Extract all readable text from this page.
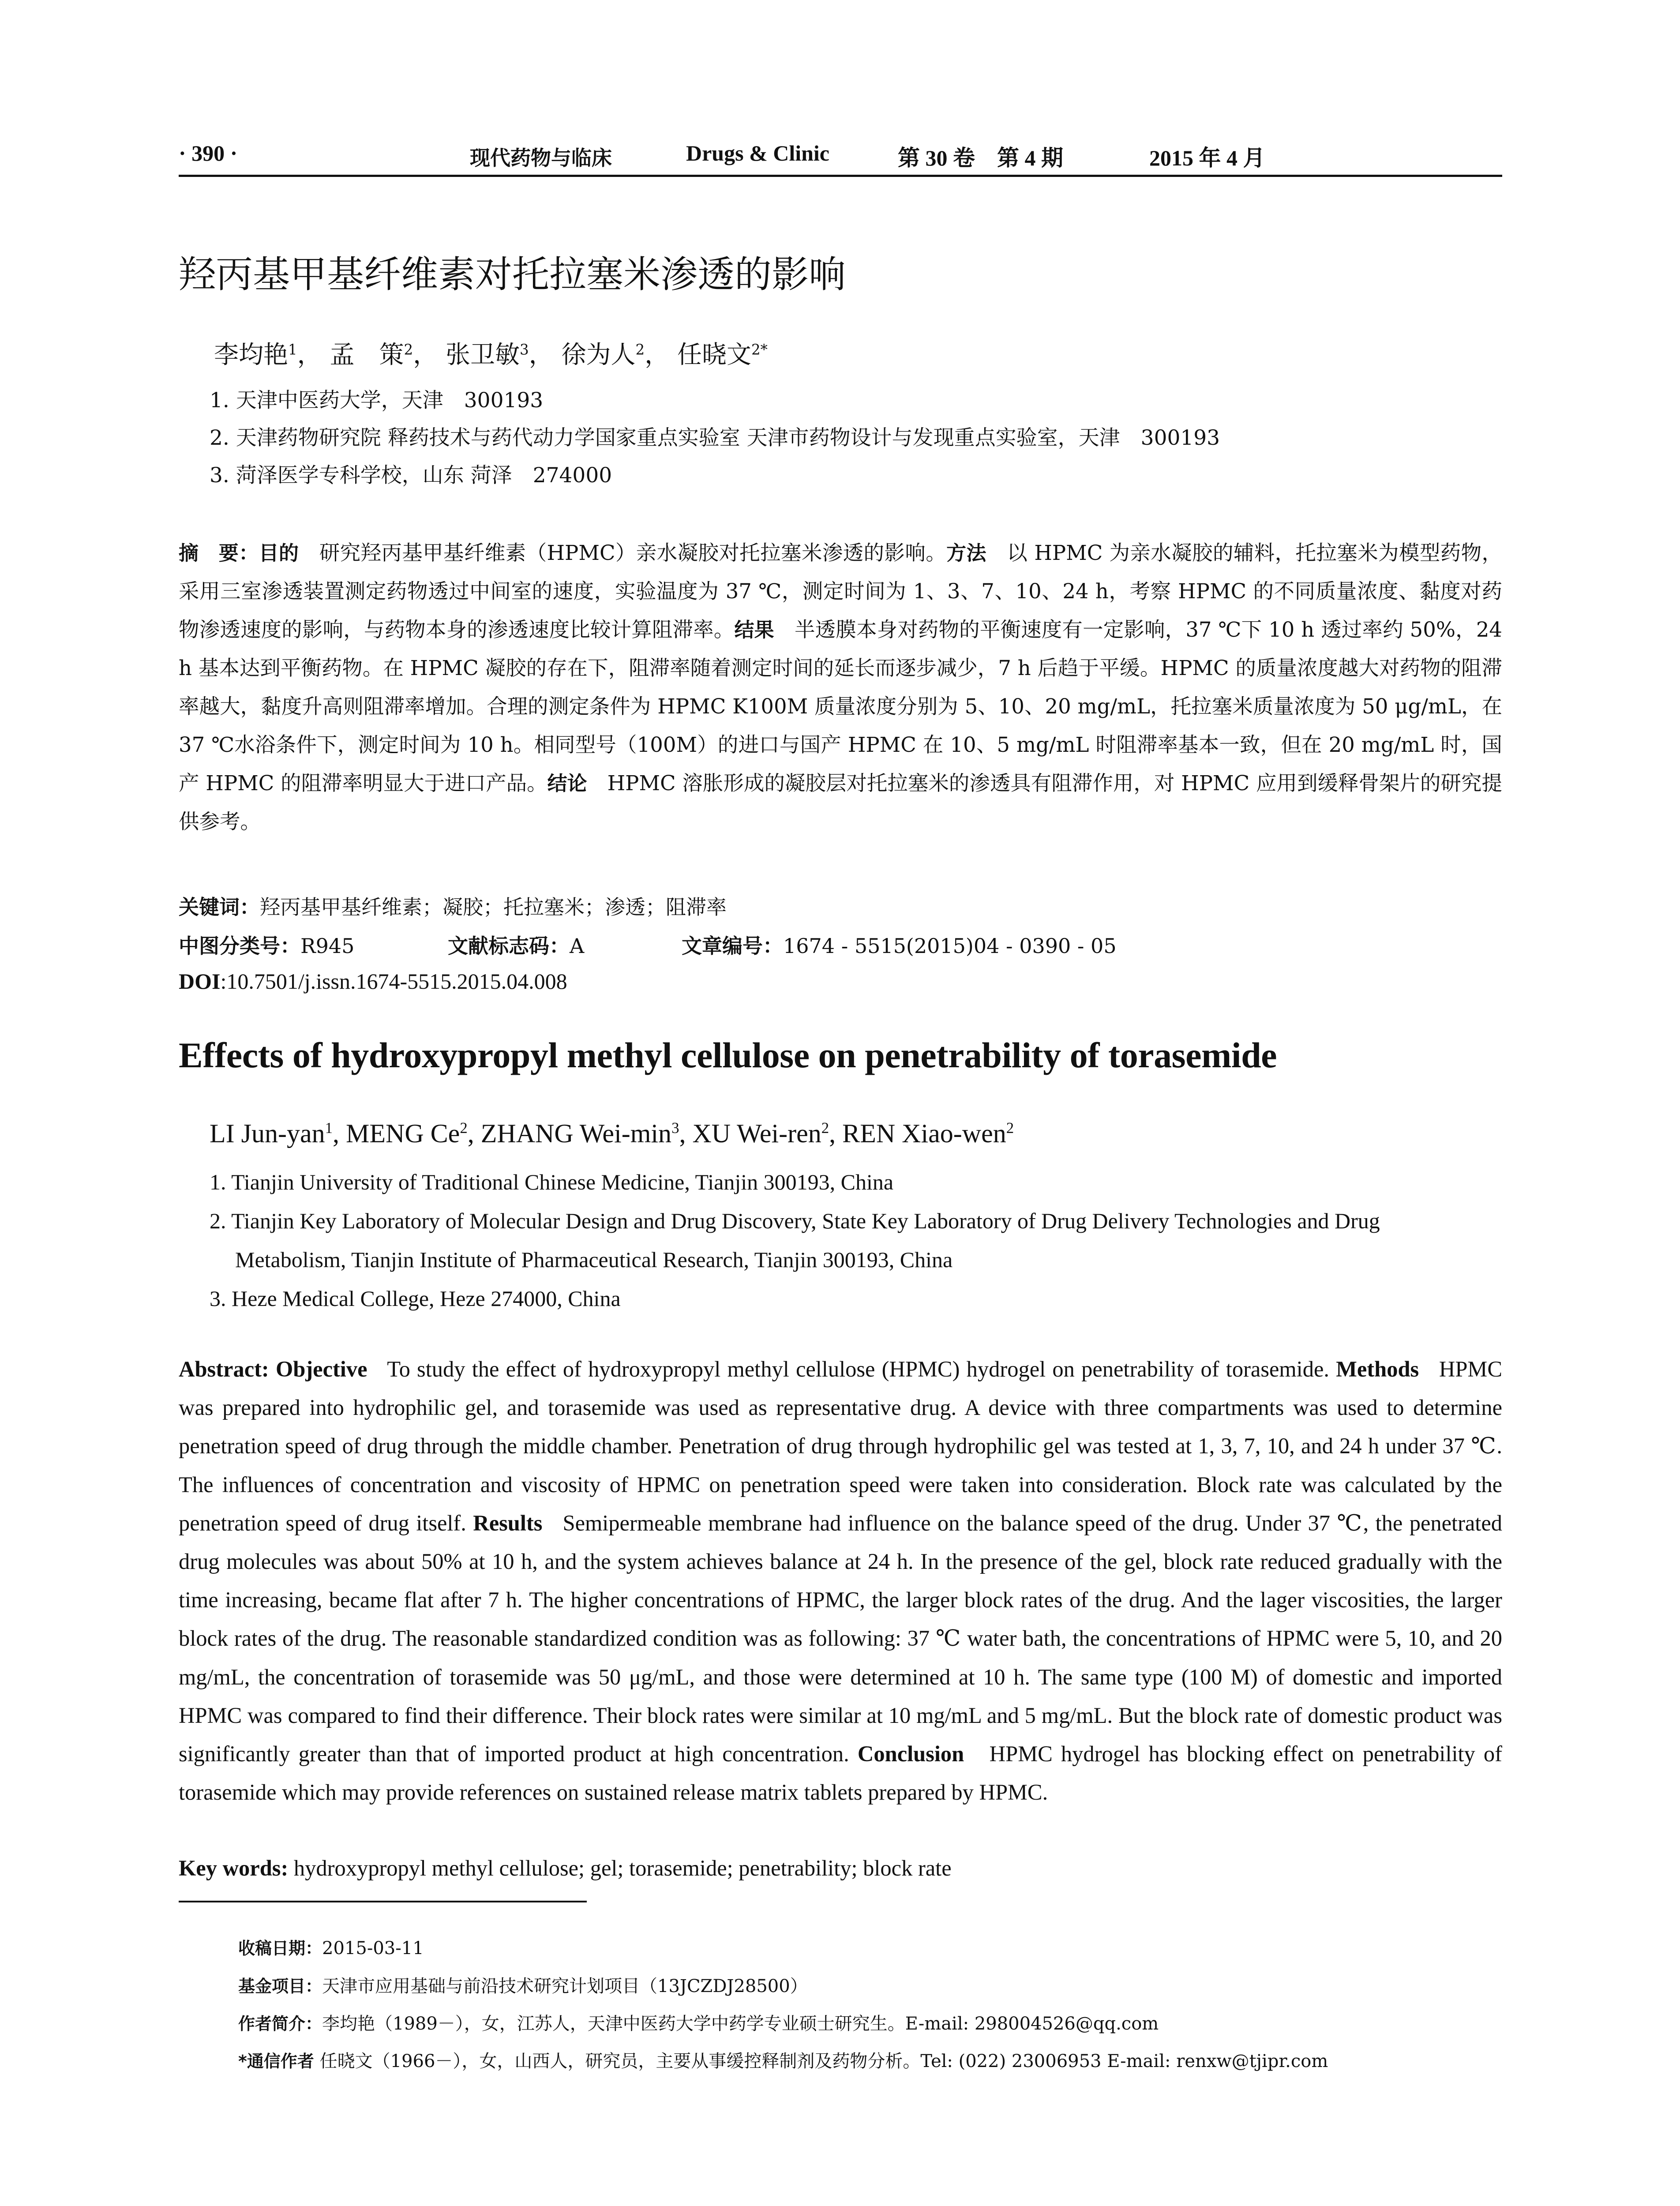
· 390 ·	现代药物与临床	Drugs & Clinic	第 30 卷　第 4 期	2015 年 4 月
羟丙基甲基纤维素对托拉塞米渗透的影响
李均艳$^1$， 孟　策$^2$， 张卫敏$^3$， 徐为人$^2$， 任晓文$^{2*}$
1. 天津中医药大学，天津　300193
2. 天津药物研究院 释药技术与药代动力学国家重点实验室 天津市药物设计与发现重点实验室，天津　300193
3. 菏泽医学专科学校，山东 菏泽　274000
摘　要：目的 研究羟丙基甲基纤维素（HPMC）亲水凝胶对托拉塞米渗透的影响。方法 以 HPMC 为亲水凝胶的辅料，托拉塞米为模型药物，采用三室渗透装置测定药物透过中间室的速度，实验温度为 37 ℃，测定时间为 1、3、7、10、24 h，考察 HPMC 的不同质量浓度、黏度对药物渗透速度的影响，与药物本身的渗透速度比较计算阻滞率。结果 半透膜本身对药物的平衡速度有一定影响，37 ℃下 10 h 透过率约 50%，24 h 基本达到平衡药物。在 HPMC 凝胶的存在下，阻滞率随着测定时间的延长而逐步减少，7 h 后趋于平缓。HPMC 的质量浓度越大对药物的阻滞率越大，黏度升高则阻滞率增加。合理的测定条件为 HPMC K100M 质量浓度分别为 5、10、20 mg/mL，托拉塞米质量浓度为 50 μg/mL，在 37 ℃水浴条件下，测定时间为 10 h。相同型号（100M）的进口与国产 HPMC 在 10、5 mg/mL 时阻滞率基本一致，但在 20 mg/mL 时，国产 HPMC 的阻滞率明显大于进口产品。结论 HPMC 溶胀形成的凝胶层对托拉塞米的渗透具有阻滞作用，对 HPMC 应用到缓释骨架片的研究提供参考。
关键词：羟丙基甲基纤维素；凝胶；托拉塞米；渗透；阻滞率
中图分类号：R945	文献标志码：A	文章编号：1674 - 5515(2015)04 - 0390 - 05
DOI:10.7501/j.issn.1674-5515.2015.04.008
Effects of hydroxypropyl methyl cellulose on penetrability of torasemide
LI Jun-yan$^1$, MENG Ce$^2$, ZHANG Wei-$\min^3$, XU Wei-ren$^2$, REN Xiao-wen$^2$
1. Tianjin University of Traditional Chinese Medicine, Tianjin 300193, China
2. Tianjin Key Laboratory of Molecular Design and Drug Discovery, State Key Laboratory of Drug Delivery Technologies and Drug
Metabolism, Tianjin Institute of Pharmaceutical Research, Tianjin 300193, China
3. Heze Medical College, Heze 274000, China
Abstract: Objective To study the effect of hydroxypropyl methyl cellulose (HPMC) hydrogel on penetrability of torasemide. Methods HPMC was prepared into hydrophilic gel, and torasemide was used as representative drug. A device with three compartments was used to determine penetration speed of drug through the middle chamber. Penetration of drug through hydrophilic gel was tested at 1, 3, 7, 10, and 24 h under 37 ℃. The influences of concentration and viscosity of HPMC on penetration speed were taken into consideration. Block rate was calculated by the penetration speed of drug itself. Results Semipermeable membrane had influence on the balance speed of the drug. Under 37 ℃, the penetrated drug molecules was about 50% at 10 h, and the system achieves balance at 24 h. In the presence of the gel, block rate reduced gradually with the time increasing, became flat after 7 h. The higher concentrations of HPMC, the larger block rates of the drug. And the lager viscosities, the larger block rates of the drug. The reasonable standardized condition was as following: 37 ℃ water bath, the concentrations of HPMC were 5, 10, and 20 mg/mL, the concentration of torasemide was 50 μg/mL, and those were determined at 10 h. The same type (100 M) of domestic and imported HPMC was compared to find their difference. Their block rates were similar at 10 mg/mL and 5 mg/mL. But the block rate of domestic product was significantly greater than that of imported product at high concentration. Conclusion HPMC hydrogel has blocking effect on penetrability of torasemide which may provide references on sustained release matrix tablets prepared by HPMC.
Key words: hydroxypropyl methyl cellulose; gel; torasemide; penetrability; block rate
收稿日期：2015-03-11
基金项目：天津市应用基础与前沿技术研究计划项目（13JCZDJ28500）
作者简介：李均艳（1989－），女，江苏人，天津中医药大学中药学专业硕士研究生。E-mail: 298004526@qq.com
*通信作者 任晓文（1966－），女，山西人，研究员，主要从事缓控释制剂及药物分析。Tel: (022) 23006953 E-mail: renxw@tjipr.com
